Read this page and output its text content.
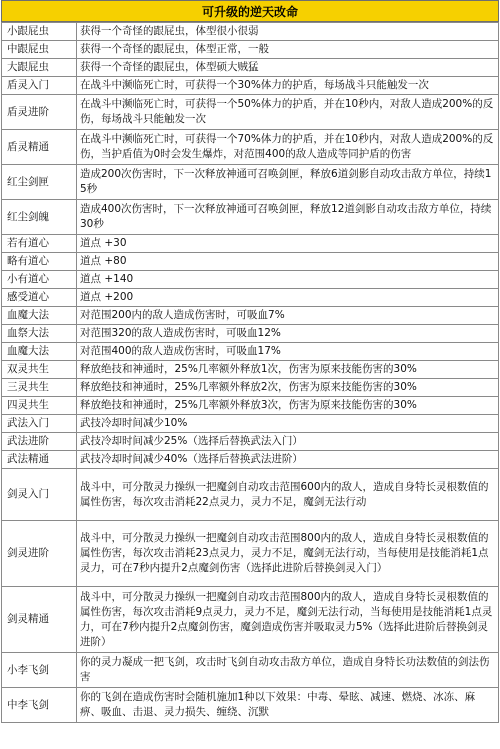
可升级的逆天改命
小跟屁虫	获得一个奇怪的跟屁虫，体型很小很弱
中跟屁虫	获得一个奇怪的跟屁虫，体型正常，一般
大跟屁虫	获得一个奇怪的跟屁虫，体型硕大贼猛
盾灵入门	在战斗中濒临死亡时，可获得一个30%体力的护盾，每场战斗只能触发一次
盾灵进阶	在战斗中濒临死亡时，可获得一个50%体力的护盾，并在10秒内，对敌人造成200%的反伤，每场战斗只能触发一次
盾灵精通	在战斗中濒临死亡时，可获得一个70%体力的护盾，并在10秒内，对敌人造成200%的反伤，当护盾值为0时会发生爆炸，对范围400的敌人造成等同护盾的伤害
红尘剑匣	造成200次伤害时，下一次释放神通可召唤剑匣，释放6道剑影自动攻击敌方单位，持续15秒
红尘剑魄	造成400次伤害时，下一次释放神通可召唤剑匣，释放12道剑影自动攻击敌方单位，持续30秒
若有道心	道点 +30
略有道心	道点 +80
小有道心	道点 +140
感受道心	道点 +200
血魔大法	对范围200内的敌人造成伤害时，可吸血7%
血祭大法	对范围320的敌人造成伤害时，可吸血12%
血魔大法	对范围400的敌人造成伤害时，可吸血17%
双灵共生	释放绝技和神通时，25%几率额外释放1次，伤害为原来技能伤害的30%
三灵共生	释放绝技和神通时，25%几率额外释放2次，伤害为原来技能伤害的30%
四灵共生	释放绝技和神通时，25%几率额外释放3次，伤害为原来技能伤害的30%
武法入门	武技冷却时间减少10%
武法进阶	武技冷却时间减少25%（选择后替换武法入门）
武法精通	武技冷却时间减少40%（选择后替换武法进阶）
剑灵入门	战斗中，可分散灵力操纵一把魔剑自动攻击范围600内的敌人，造成自身特长灵根数值的属性伤害，每次攻击消耗22点灵力，灵力不足，魔剑无法行动
剑灵进阶	战斗中，可分散灵力操纵一把魔剑自动攻击范围800内的敌人，造成自身特长灵根数值的属性伤害，每次攻击消耗23点灵力，灵力不足，魔剑无法行动，当每使用是技能消耗1点灵力，可在7秒内提升2点魔剑伤害（选择此进阶后替换剑灵入门）
剑灵精通	战斗中，可分散灵力操纵一把魔剑自动攻击范围800内的敌人，造成自身特长灵根数值的属性伤害，每次攻击消耗9点灵力，灵力不足，魔剑无法行动，当每使用是技能消耗1点灵力，可在7秒内提升2点魔剑伤害，魔剑造成伤害并吸取灵力5%（选择此进阶后替换剑灵进阶）
小李飞剑	你的灵力凝成一把飞剑，攻击时飞剑自动攻击敌方单位，造成自身特长功法数值的剑法伤害
中李飞剑	你的飞剑在造成伤害时会随机施加1种以下效果：中毒、晕眩、减速、燃烧、冰冻、麻痹、吸血、击退、灵力损失、缠绕、沉默
